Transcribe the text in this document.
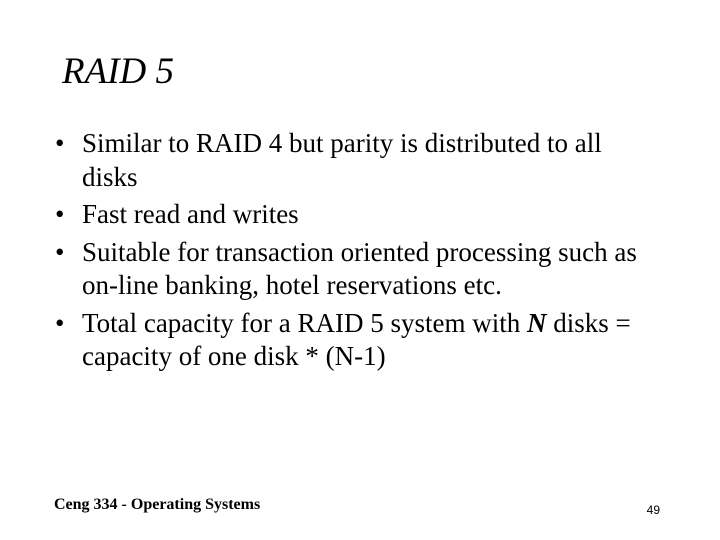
RAID 5
• Similar to RAID 4 but parity is distributed to all disks
• Fast read and writes
• Suitable for transaction oriented processing such as on-line banking, hotel reservations etc.
• Total capacity for a RAID 5 system with N disks = capacity of one disk * (N-1)
Ceng 334 - Operating Systems	49
